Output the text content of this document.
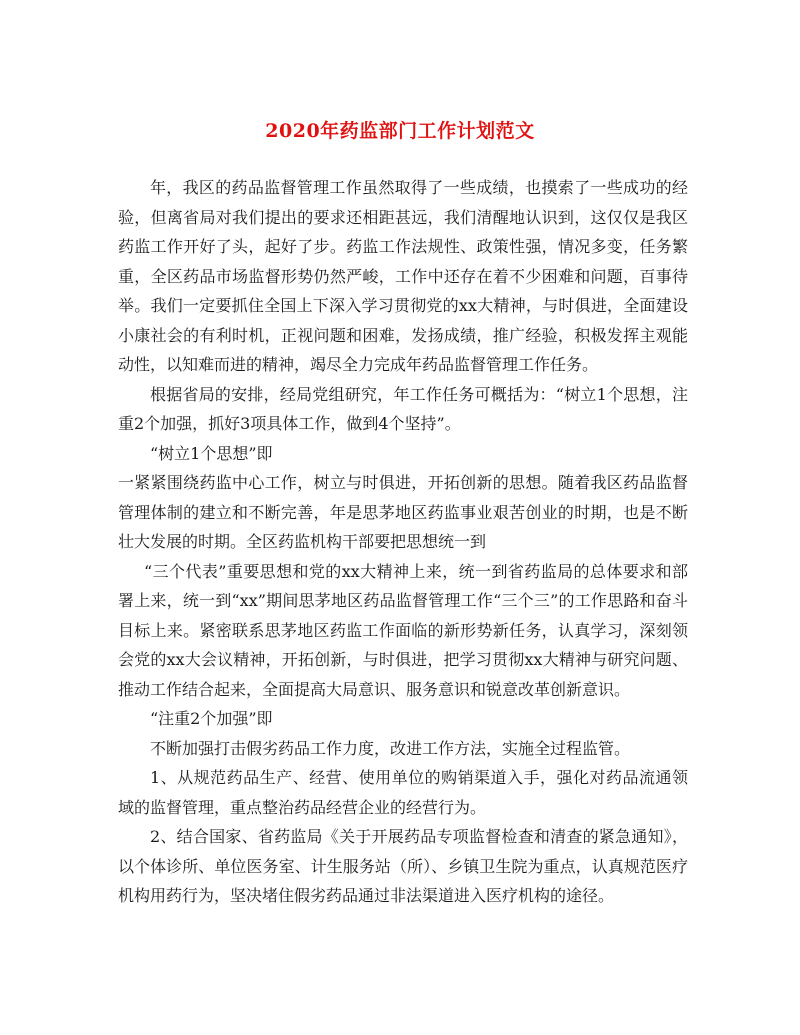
2020年药监部门工作计划范文

年，我区的药品监督管理工作虽然取得了一些成绩，也摸索了一些成功的经验，但离省局对我们提出的要求还相距甚远，我们清醒地认识到，这仅仅是我区药监工作开好了头，起好了步。药监工作法规性、政策性强，情况多变，任务繁重，全区药品市场监督形势仍然严峻，工作中还存在着不少困难和问题，百事待举。我们一定要抓住全国上下深入学习贯彻党的xx大精神，与时俱进，全面建设小康社会的有利时机，正视问题和困难，发扬成绩，推广经验，积极发挥主观能动性，以知难而进的精神，竭尽全力完成年药品监督管理工作任务。

根据省局的安排，经局党组研究，年工作任务可概括为：“树立1个思想，注重2个加强，抓好3项具体工作，做到4个坚持”。

“树立1个思想”即

一紧紧围绕药监中心工作，树立与时俱进，开拓创新的思想。随着我区药品监督管理体制的建立和不断完善，年是思茅地区药监事业艰苦创业的时期，也是不断壮大发展的时期。全区药监机构干部要把思想统一到

“三个代表”重要思想和党的xx大精神上来，统一到省药监局的总体要求和部署上来，统一到“xx”期间思茅地区药品监督管理工作“三个三”的工作思路和奋斗目标上来。紧密联系思茅地区药监工作面临的新形势新任务，认真学习，深刻领会党的xx大会议精神，开拓创新，与时俱进，把学习贯彻xx大精神与研究问题、推动工作结合起来，全面提高大局意识、服务意识和锐意改革创新意识。

“注重2个加强”即

不断加强打击假劣药品工作力度，改进工作方法，实施全过程监管。

1、从规范药品生产、经营、使用单位的购销渠道入手，强化对药品流通领域的监督管理，重点整治药品经营企业的经营行为。

2、结合国家、省药监局《关于开展药品专项监督检查和清查的紧急通知》，以个体诊所、单位医务室、计生服务站（所）、乡镇卫生院为重点，认真规范医疗机构用药行为，坚决堵住假劣药品通过非法渠道进入医疗机构的途径。
